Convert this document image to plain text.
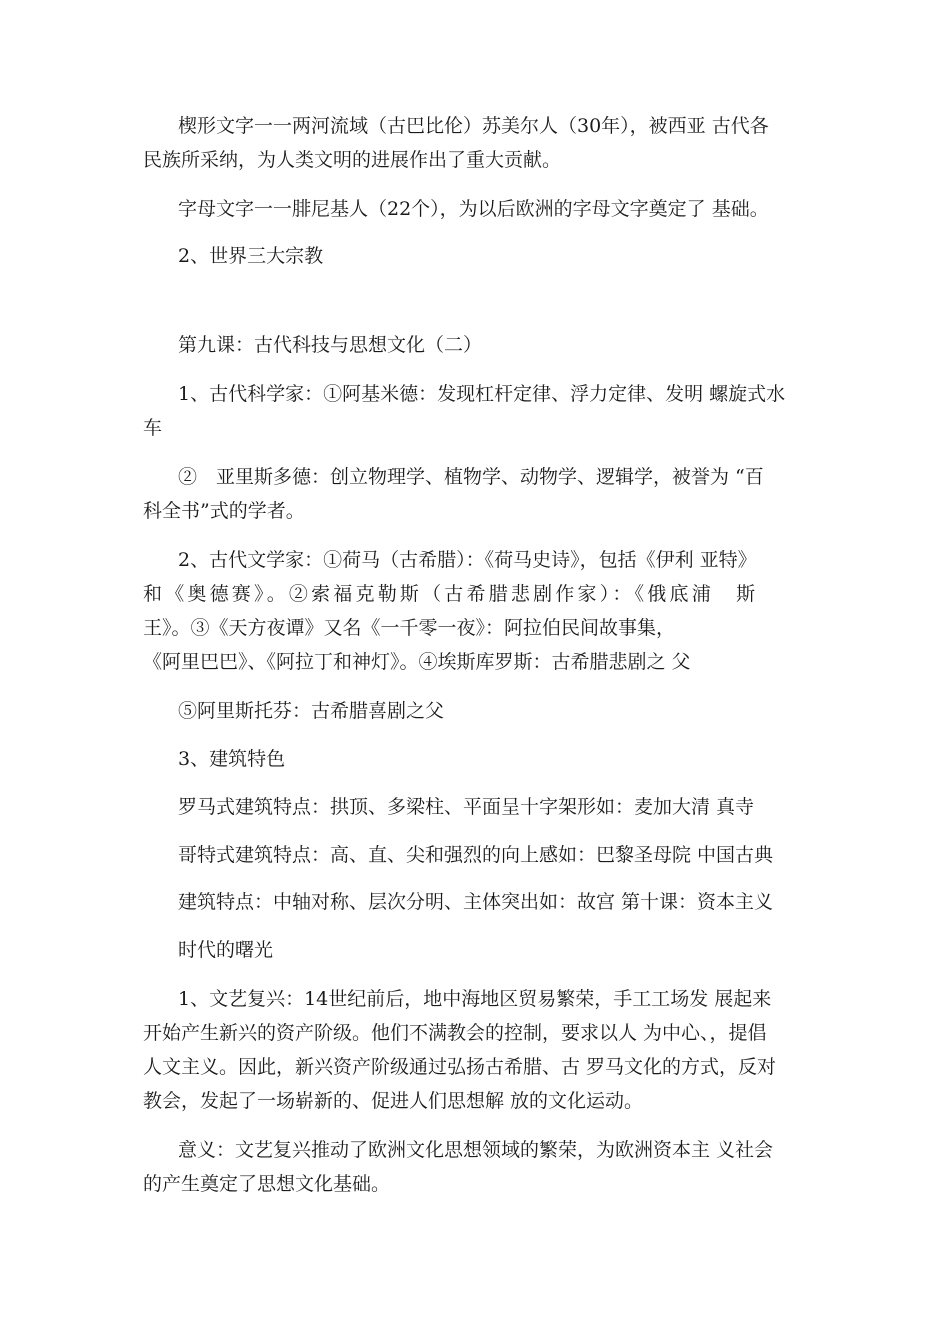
楔形文字一一两河流域（古巴比伦）苏美尔人（30年），被西亚 古代各
民族所采纳，为人类文明的进展作出了重大贡献。
字母文字一一腓尼基人（22个），为以后欧洲的字母文字奠定了 基础。
2、世界三大宗教
第九课：古代科技与思想文化（二）
1、古代科学家：①阿基米德：发现杠杆定律、浮力定律、发明 螺旋式水
车
②　亚里斯多德：创立物理学、植物学、动物学、逻辑学，被誉为 “百
科全书”式的学者。
2、古代文学家：①荷马（古希腊）：《荷马史诗》，包括《伊利 亚特》
和《奥德赛》。②索福克勒斯（古希腊悲剧作家）：《俄底浦　斯
王》。③《天方夜谭》又名《一千零一夜》：阿拉伯民间故事集，
《阿里巴巴》、《阿拉丁和神灯》。④埃斯库罗斯：古希腊悲剧之 父
⑤阿里斯托芬：古希腊喜剧之父
3、建筑特色
罗马式建筑特点：拱顶、多梁柱、平面呈十字架形如：麦加大清 真寺
哥特式建筑特点：高、直、尖和强烈的向上感如：巴黎圣母院 中国古典
建筑特点：中轴对称、层次分明、主体突出如：故宫 第十课：资本主义
时代的曙光
1、文艺复兴：14世纪前后，地中海地区贸易繁荣，手工工场发 展起来
开始产生新兴的资产阶级。他们不满教会的控制，要求以人 为中心、，提倡
人文主义。因此，新兴资产阶级通过弘扬古希腊、古 罗马文化的方式，反对
教会，发起了一场崭新的、促进人们思想解 放的文化运动。
意义：文艺复兴推动了欧洲文化思想领域的繁荣，为欧洲资本主 义社会
的产生奠定了思想文化基础。
